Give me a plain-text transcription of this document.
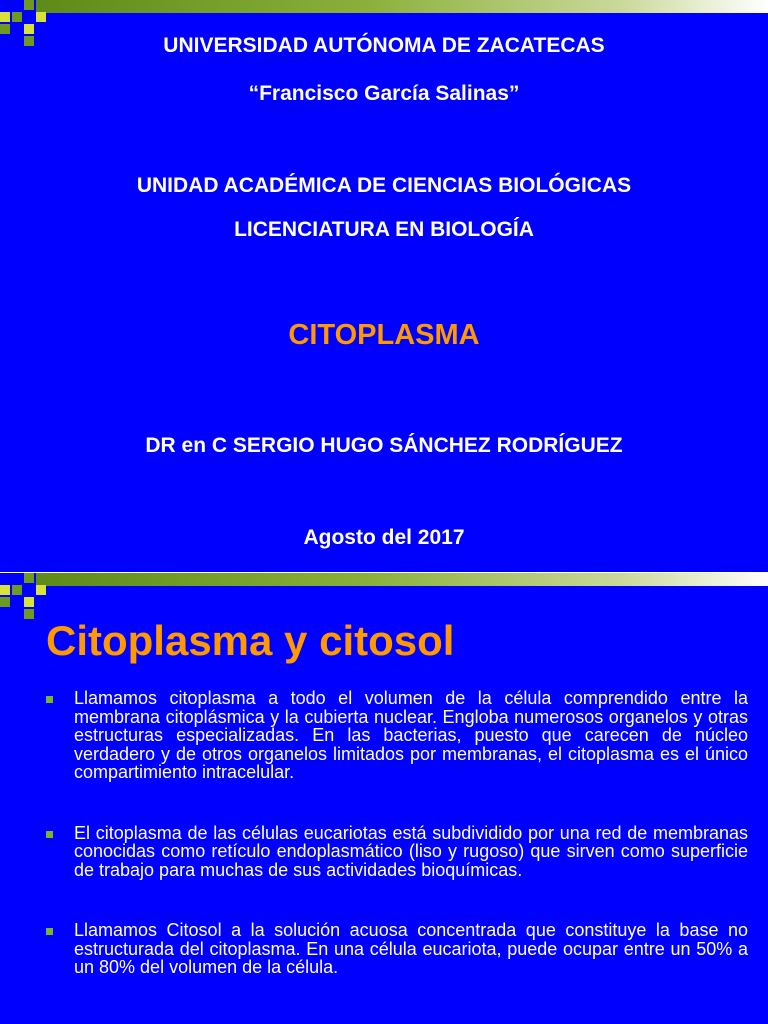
UNIVERSIDAD AUTÓNOMA DE ZACATECAS

“Francisco García Salinas”

UNIDAD ACADÉMICA DE CIENCIAS BIOLÓGICAS

LICENCIATURA EN BIOLOGÍA

CITOPLASMA

DR en C SERGIO HUGO SÁNCHEZ RODRÍGUEZ

Agosto del 2017

Citoplasma y citosol

Llamamos citoplasma a todo el volumen de la célula comprendido entre la membrana citoplásmica y la cubierta nuclear. Engloba numerosos organelos y otras estructuras especializadas. En las bacterias, puesto que carecen de núcleo verdadero y de otros organelos limitados por membranas, el citoplasma es el único compartimiento intracelular.

El citoplasma de las células eucariotas está subdividido por una red de membranas conocidas como retículo endoplasmático (liso y rugoso) que sirven como superficie de trabajo para muchas de sus actividades bioquímicas.

Llamamos Citosol a la solución acuosa concentrada que constituye la base no estructurada del citoplasma. En una célula eucariota, puede ocupar entre un 50% a un 80% del volumen de la célula.
